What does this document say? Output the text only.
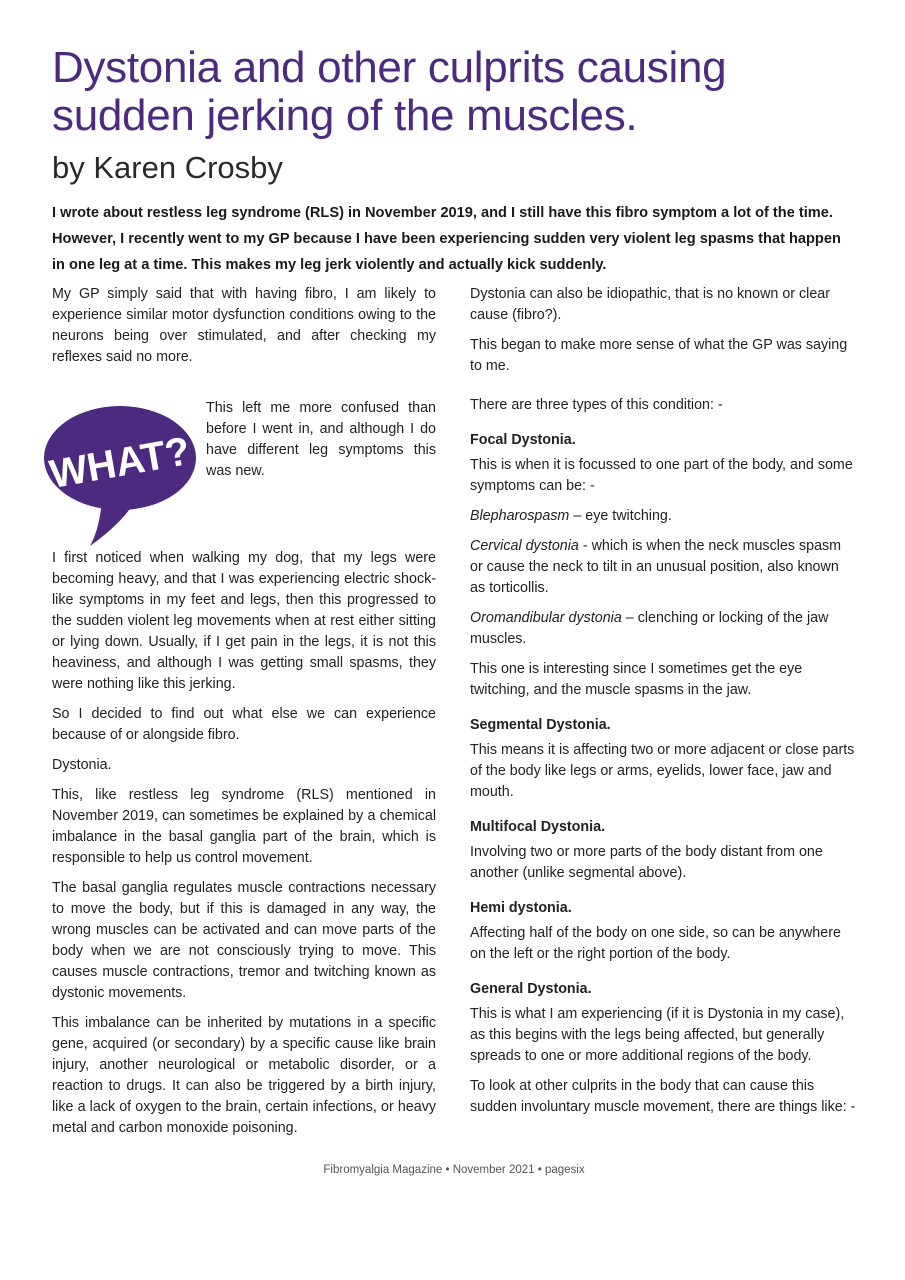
Dystonia and other culprits causing sudden jerking of the muscles.
by Karen Crosby

I wrote about restless leg syndrome (RLS) in November 2019, and I still have this fibro symptom a lot of the time. However, I recently went to my GP because I have been experiencing sudden very violent leg spasms that happen in one leg at a time. This makes my leg jerk violently and actually kick suddenly.

My GP simply said that with having fibro, I am likely to experience similar motor dysfunction conditions owing to the neurons being over stimulated, and after checking my reflexes said no more.

WHAT?

This left me more confused than before I went in, and although I do have different leg symptoms this was new.

I first noticed when walking my dog, that my legs were becoming heavy, and that I was experiencing electric shock-like symptoms in my feet and legs, then this progressed to the sudden violent leg movements when at rest either sitting or lying down. Usually, if I get pain in the legs, it is not this heaviness, and although I was getting small spasms, they were nothing like this jerking.

So I decided to find out what else we can experience because of or alongside fibro.

Dystonia.

This, like restless leg syndrome (RLS) mentioned in November 2019, can sometimes be explained by a chemical imbalance in the basal ganglia part of the brain, which is responsible to help us control movement.

The basal ganglia regulates muscle contractions necessary to move the body, but if this is damaged in any way, the wrong muscles can be activated and can move parts of the body when we are not consciously trying to move. This causes muscle contractions, tremor and twitching known as dystonic movements.

This imbalance can be inherited by mutations in a specific gene, acquired (or secondary) by a specific cause like brain injury, another neurological or metabolic disorder, or a reaction to drugs. It can also be triggered by a birth injury, like a lack of oxygen to the brain, certain infections, or heavy metal and carbon monoxide poisoning.

Dystonia can also be idiopathic, that is no known or clear cause (fibro?).

This began to make more sense of what the GP was saying to me.

There are three types of this condition: -

Focal Dystonia.

This is when it is focussed to one part of the body, and some symptoms can be: -

Blepharospasm – eye twitching.

Cervical dystonia - which is when the neck muscles spasm or cause the neck to tilt in an unusual position, also known as torticollis.

Oromandibular dystonia – clenching or locking of the jaw muscles.

This one is interesting since I sometimes get the eye twitching, and the muscle spasms in the jaw.

Segmental Dystonia.

This means it is affecting two or more adjacent or close parts of the body like legs or arms, eyelids, lower face, jaw and mouth.

Multifocal Dystonia.

Involving two or more parts of the body distant from one another (unlike segmental above).

Hemi dystonia.

Affecting half of the body on one side, so can be anywhere on the left or the right portion of the body.

General Dystonia.

This is what I am experiencing (if it is Dystonia in my case), as this begins with the legs being affected, but generally spreads to one or more additional regions of the body.

To look at other culprits in the body that can cause this sudden involuntary muscle movement, there are things like: -

Fibromyalgia Magazine • November 2021 • pagesix
